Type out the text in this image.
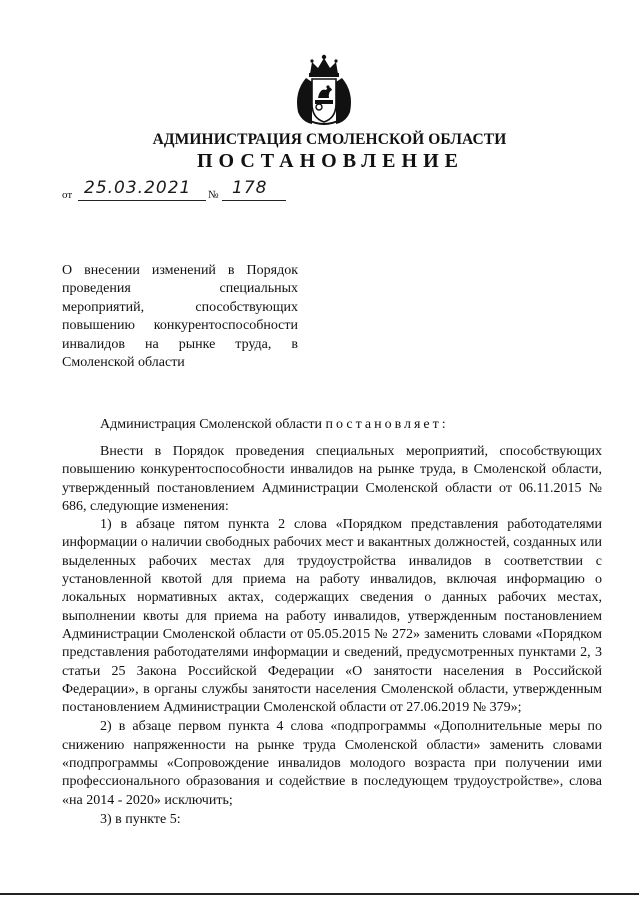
АДМИНИСТРАЦИЯ СМОЛЕНСКОЙ ОБЛАСТИ
ПОСТАНОВЛЕНИЕ
от 25.03.2021 № 178
О внесении изменений в Порядок
проведения специальных
мероприятий, способствующих
повышению конкурентоспособности
инвалидов на рынке труда, в
Смоленской области
Администрация Смоленской области постановляет:

Внести в Порядок проведения специальных мероприятий, способствующих повышению конкурентоспособности инвалидов на рынке труда, в Смоленской области, утвержденный постановлением Администрации Смоленской области от 06.11.2015 № 686, следующие изменения:

1) в абзаце пятом пункта 2 слова «Порядком представления работодателями информации о наличии свободных рабочих мест и вакантных должностей, созданных или выделенных рабочих местах для трудоустройства инвалидов в соответствии с установленной квотой для приема на работу инвалидов, включая информацию о локальных нормативных актах, содержащих сведения о данных рабочих местах, выполнении квоты для приема на работу инвалидов, утвержденным постановлением Администрации Смоленской области от 05.05.2015 № 272» заменить словами «Порядком представления работодателями информации и сведений, предусмотренных пунктами 2, 3 статьи 25 Закона Российской Федерации «О занятости населения в Российской Федерации», в органы службы занятости населения Смоленской области, утвержденным постановлением Администрации Смоленской области от 27.06.2019 № 379»;

2) в абзаце первом пункта 4 слова «подпрограммы «Дополнительные меры по снижению напряженности на рынке труда Смоленской области» заменить словами «подпрограммы «Сопровождение инвалидов молодого возраста при получении ими профессионального образования и содействие в последующем трудоустройстве», слова «на 2014 - 2020» исключить;

3) в пункте 5:
